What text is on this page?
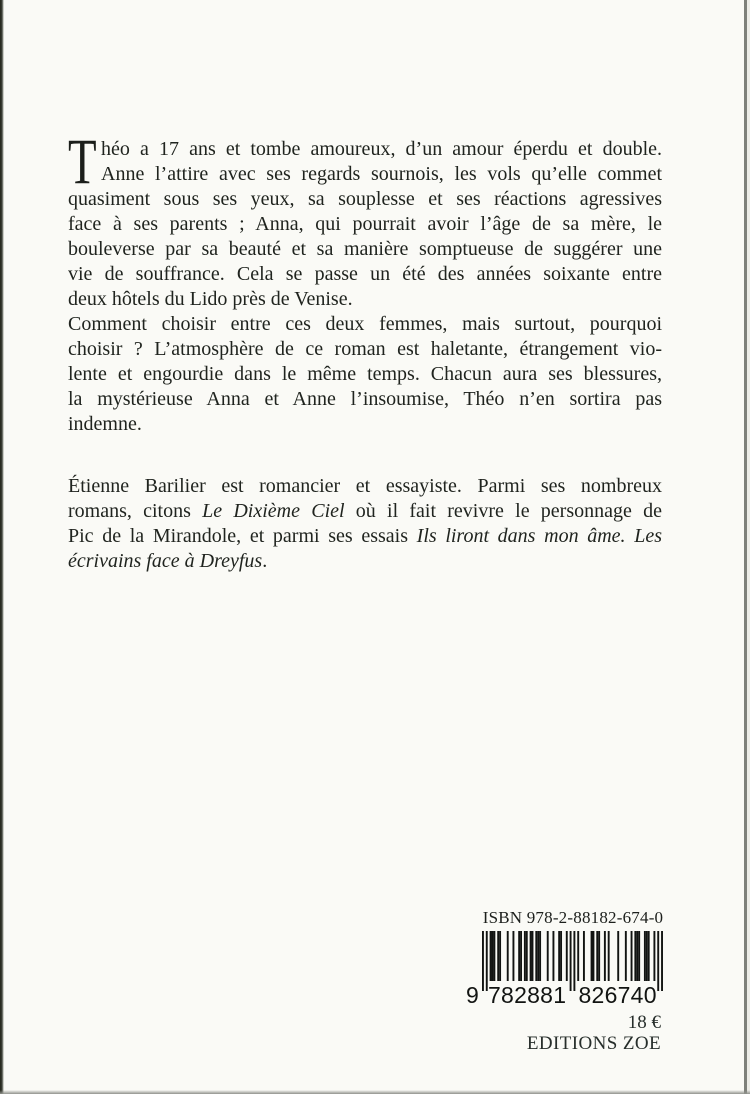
T héo a 17 ans et tombe amoureux, d’un amour éperdu et double.
Anne l’attire avec ses regards sournois, les vols qu’elle commet
quasiment sous ses yeux, sa souplesse et ses réactions agressives
face à ses parents ; Anna, qui pourrait avoir l’âge de sa mère, le
bouleverse par sa beauté et sa manière somptueuse de suggérer une
vie de souffrance. Cela se passe un été des années soixante entre
deux hôtels du Lido près de Venise.
Comment choisir entre ces deux femmes, mais surtout, pourquoi
choisir ? L’atmosphère de ce roman est haletante, étrangement vio-
lente et engourdie dans le même temps. Chacun aura ses blessures,
la mystérieuse Anna et Anne l’insoumise, Théo n’en sortira pas
indemne.
Étienne Barilier est romancier et essayiste. Parmi ses nombreux
romans, citons Le Dixième Ciel où il fait revivre le personnage de
Pic de la Mirandole, et parmi ses essais Ils liront dans mon âme. Les
écrivains face à Dreyfus.
ISBN 978-2-88182-674-0
9 782881 826740
18 €
EDITIONS ZOE
